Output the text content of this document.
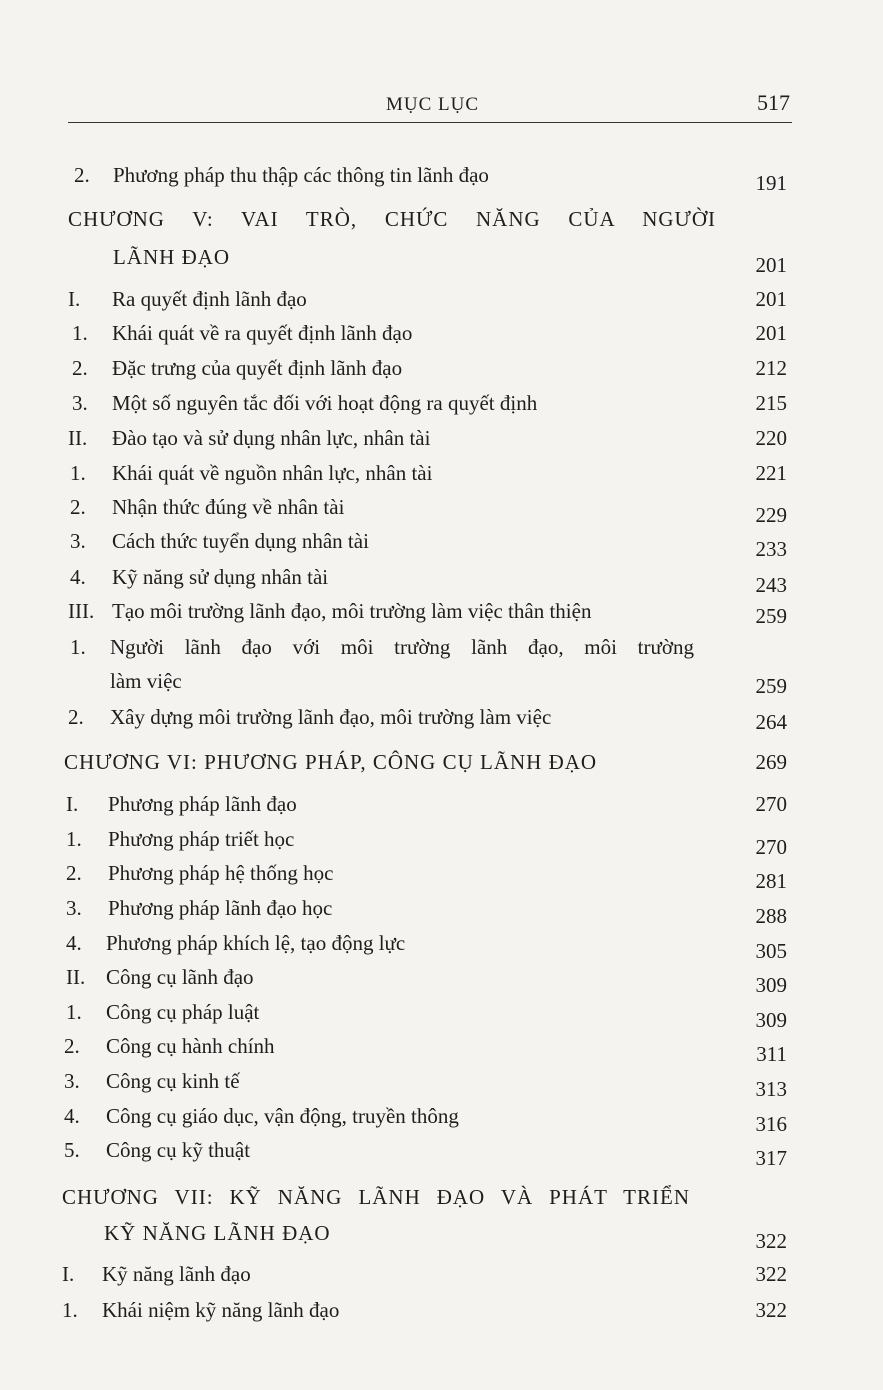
MỤC LỤC	517
2. Phương pháp thu thập các thông tin lãnh đạo	191
CHƯƠNG V: VAI TRÒ, CHỨC NĂNG CỦA NGƯỜI
LÃNH ĐẠO	201
I. Ra quyết định lãnh đạo	201
1. Khái quát về ra quyết định lãnh đạo	201
2. Đặc trưng của quyết định lãnh đạo	212
3. Một số nguyên tắc đối với hoạt động ra quyết định	215
II. Đào tạo và sử dụng nhân lực, nhân tài	220
1. Khái quát về nguồn nhân lực, nhân tài	221
2. Nhận thức đúng về nhân tài	229
3. Cách thức tuyển dụng nhân tài	233
4. Kỹ năng sử dụng nhân tài	243
III. Tạo môi trường lãnh đạo, môi trường làm việc thân thiện	259
1. Người lãnh đạo với môi trường lãnh đạo, môi trường
làm việc	259
2. Xây dựng môi trường lãnh đạo, môi trường làm việc	264
CHƯƠNG VI: PHƯƠNG PHÁP, CÔNG CỤ LÃNH ĐẠO	269
I. Phương pháp lãnh đạo	270
1. Phương pháp triết học	270
2. Phương pháp hệ thống học	281
3. Phương pháp lãnh đạo học	288
4. Phương pháp khích lệ, tạo động lực	305
II. Công cụ lãnh đạo	309
1. Công cụ pháp luật	309
2. Công cụ hành chính	311
3. Công cụ kinh tế	313
4. Công cụ giáo dục, vận động, truyền thông	316
5. Công cụ kỹ thuật	317
CHƯƠNG VII: KỸ NĂNG LÃNH ĐẠO VÀ PHÁT TRIỂN
KỸ NĂNG LÃNH ĐẠO	322
I. Kỹ năng lãnh đạo	322
1. Khái niệm kỹ năng lãnh đạo	322
